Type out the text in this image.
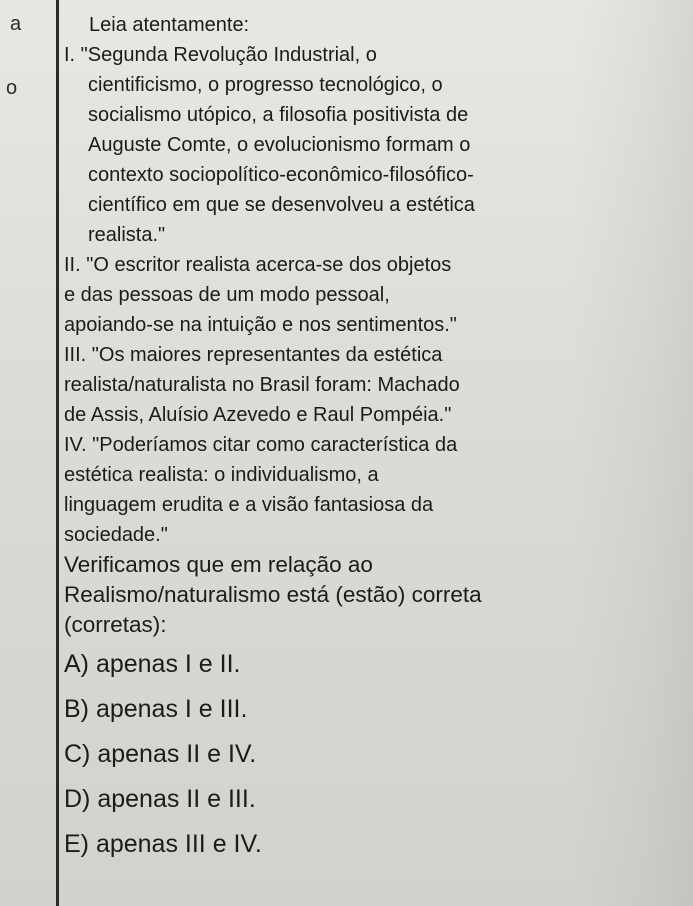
a
o

Leia atentamente:

I. "Segunda Revolução Industrial, o
cientificismo, o progresso tecnológico, o
socialismo utópico, a filosofia positivista de
Auguste Comte, o evolucionismo formam o
contexto sociopolítico-econômico-filosófico-
científico em que se desenvolveu a estética
realista."
II. "O escritor realista acerca-se dos objetos
e das pessoas de um modo pessoal,
apoiando-se na intuição e nos sentimentos."
III. "Os maiores representantes da estética
realista/naturalista no Brasil foram: Machado
de Assis, Aluísio Azevedo e Raul Pompéia."
IV. "Poderíamos citar como característica da
estética realista: o individualismo, a
linguagem erudita e a visão fantasiosa da
sociedade."
Verificamos que em relação ao
Realismo/naturalismo está (estão) correta
(corretas):
A) apenas I e II.
B) apenas I e III.
C) apenas II e IV.
D) apenas II e III.
E) apenas III e IV.
